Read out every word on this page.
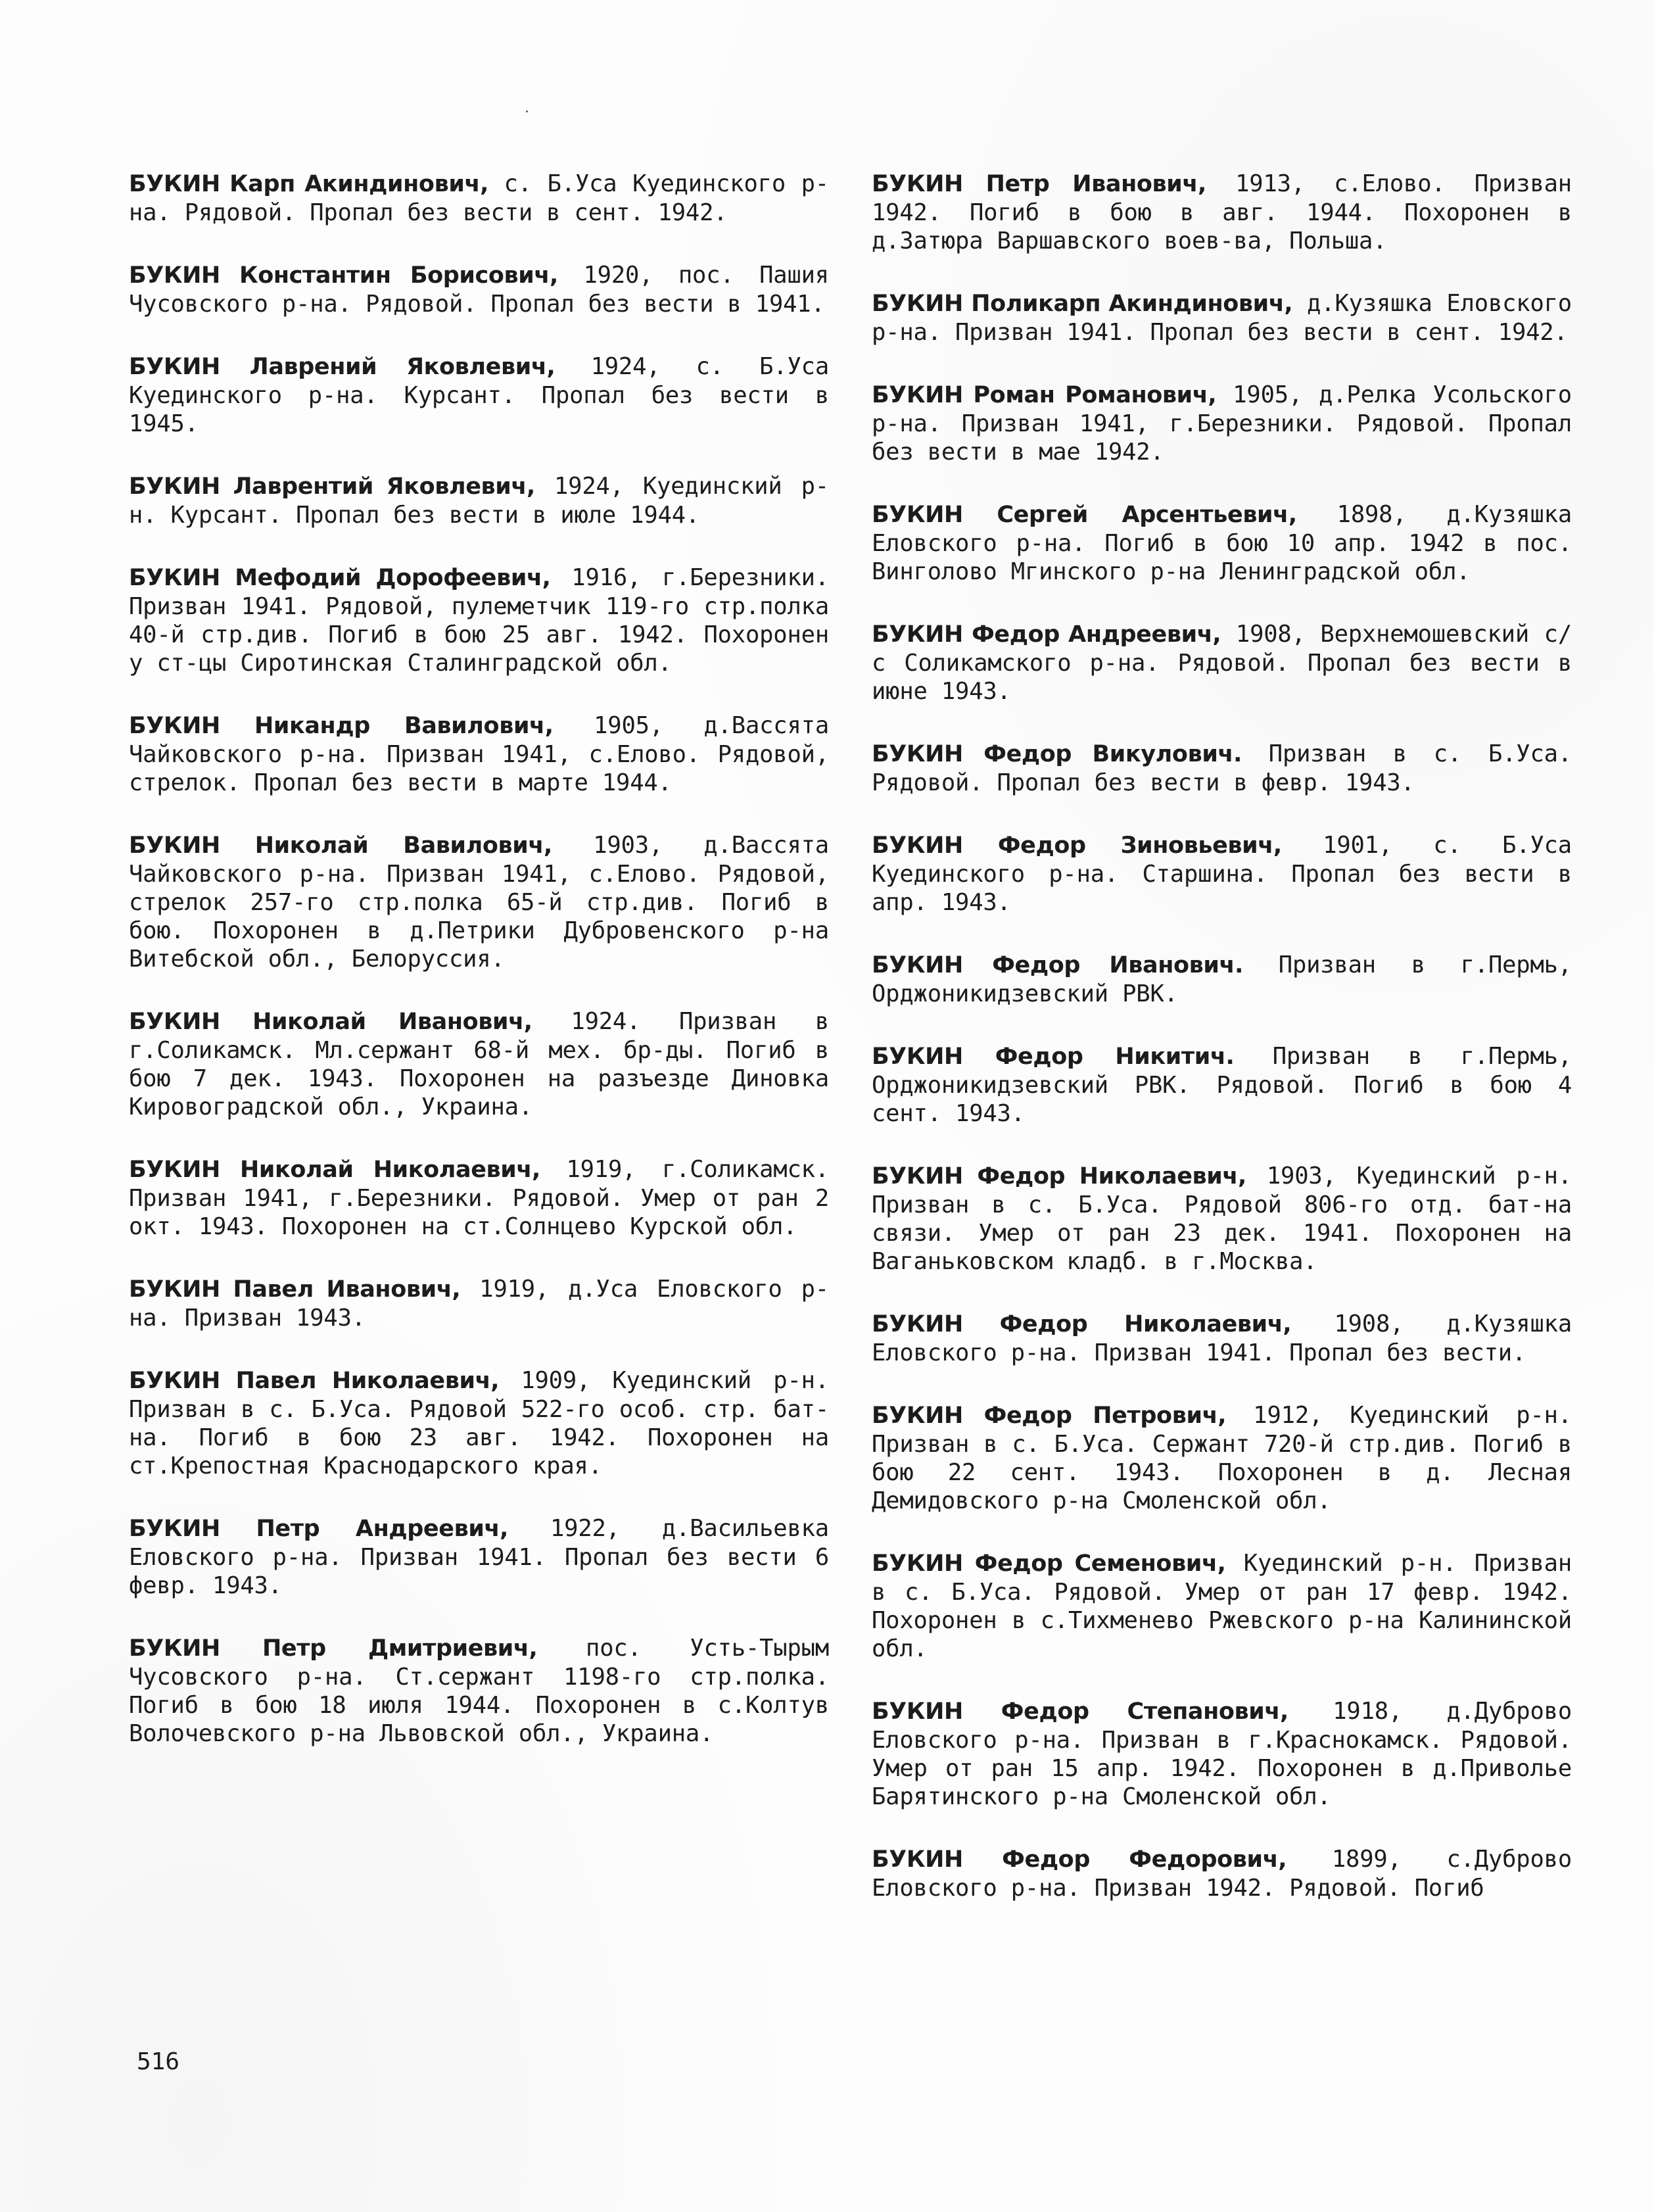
БУКИН Карп Акиндинович, с. Б.Уса Куединского р-на. Рядовой. Пропал без вести в сент. 1942.

БУКИН Константин Борисович, 1920, пос. Пашия Чусовского р-на. Рядовой. Пропал без вести в 1941.

БУКИН Лаврений Яковлевич, 1924, с. Б.Уса Куединского р-на. Курсант. Пропал без вести в 1945.

БУКИН Лаврентий Яковлевич, 1924, Куединский р-н. Курсант. Пропал без вести в июле 1944.

БУКИН Мефодий Дорофеевич, 1916, г.Березники. Призван 1941. Рядовой, пулеметчик 119-го стр.полка 40-й стр.див. Погиб в бою 25 авг. 1942. Похоронен у ст-цы Сиротинская Сталинградской обл.

БУКИН Никандр Вавилович, 1905, д.Вассята Чайковского р-на. Призван 1941, с.Елово. Рядовой, стрелок. Пропал без вести в марте 1944.

БУКИН Николай Вавилович, 1903, д.Вассята Чайковского р-на. Призван 1941, с.Елово. Рядовой, стрелок 257-го стр.полка 65-й стр.див. Погиб в бою. Похоронен в д.Петрики Дубровенского р-на Витебской обл., Белоруссия.

БУКИН Николай Иванович, 1924. Призван в г.Соликамск. Мл.сержант 68-й мех. бр-ды. Погиб в бою 7 дек. 1943. Похоронен на разъезде Диновка Кировоградской обл., Украина.

БУКИН Николай Николаевич, 1919, г.Соликамск. Призван 1941, г.Березники. Рядовой. Умер от ран 2 окт. 1943. Похоронен на ст.Солнцево Курской обл.

БУКИН Павел Иванович, 1919, д.Уса Еловского р-на. Призван 1943.

БУКИН Павел Николаевич, 1909, Куединский р-н. Призван в с. Б.Уса. Рядовой 522-го особ. стр. бат-на. Погиб в бою 23 авг. 1942. Похоронен на ст.Крепостная Краснодарского края.

БУКИН Петр Андреевич, 1922, д.Васильевка Еловского р-на. Призван 1941. Пропал без вести 6 февр. 1943.

БУКИН Петр Дмитриевич, пос. Усть-Тырым Чусовского р-на. Ст.сержант 1198-го стр.полка. Погиб в бою 18 июля 1944. Похоронен в с.Колтув Волочевского р-на Львовской обл., Украина.

БУКИН Петр Иванович, 1913, с.Елово. Призван 1942. Погиб в бою в авг. 1944. Похоронен в д.Затюра Варшавского воев-ва, Польша.

БУКИН Поликарп Акиндинович, д.Кузяшка Еловского р-на. Призван 1941. Пропал без вести в сент. 1942.

БУКИН Роман Романович, 1905, д.Релка Усольского р-на. Призван 1941, г.Березники. Рядовой. Пропал без вести в мае 1942.

БУКИН Сергей Арсентьевич, 1898, д.Кузяшка Еловского р-на. Погиб в бою 10 апр. 1942 в пос. Винголово Мгинского р-на Ленинградской обл.

БУКИН Федор Андреевич, 1908, Верхнемошевский с/с Соликамского р-на. Рядовой. Пропал без вести в июне 1943.

БУКИН Федор Викулович. Призван в с. Б.Уса. Рядовой. Пропал без вести в февр. 1943.

БУКИН Федор Зиновьевич, 1901, с. Б.Уса Куединского р-на. Старшина. Пропал без вести в апр. 1943.

БУКИН Федор Иванович. Призван в г.Пермь, Орджоникидзевский РВК.

БУКИН Федор Никитич. Призван в г.Пермь, Орджоникидзевский РВК. Рядовой. Погиб в бою 4 сент. 1943.

БУКИН Федор Николаевич, 1903, Куединский р-н. Призван в с. Б.Уса. Рядовой 806-го отд. бат-на связи. Умер от ран 23 дек. 1941. Похоронен на Ваганьковском кладб. в г.Москва.

БУКИН Федор Николаевич, 1908, д.Кузяшка Еловского р-на. Призван 1941. Пропал без вести.

БУКИН Федор Петрович, 1912, Куединский р-н. Призван в с. Б.Уса. Сержант 720-й стр.див. Погиб в бою 22 сент. 1943. Похоронен в д. Лесная Демидовского р-на Смоленской обл.

БУКИН Федор Семенович, Куединский р-н. Призван в с. Б.Уса. Рядовой. Умер от ран 17 февр. 1942. Похоронен в с.Тихменево Ржевского р-на Калининской обл.

БУКИН Федор Степанович, 1918, д.Дуброво Еловского р-на. Призван в г.Краснокамск. Рядовой. Умер от ран 15 апр. 1942. Похоронен в д.Приволье Барятинского р-на Смоленской обл.

БУКИН Федор Федорович, 1899, с.Дуброво Еловского р-на. Призван 1942. Рядовой. Погиб

516
